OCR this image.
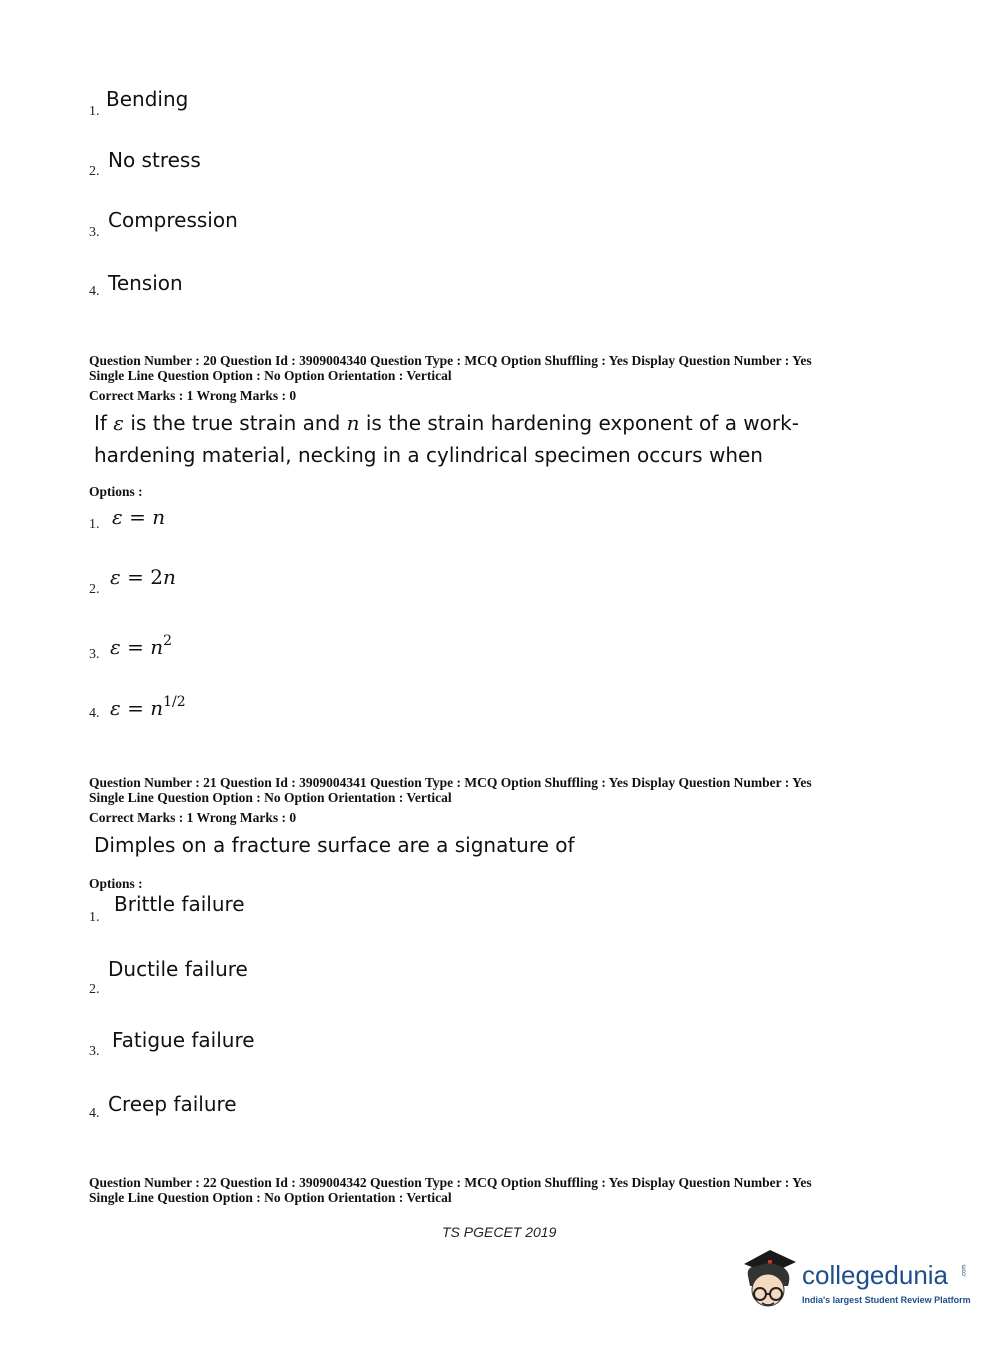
1.
Bending
2. No stress
3.
Compression
4. Tension
Question Number : 20 Question Id : 3909004340 Question Type : MCQ Option Shuffling : Yes Display Question Number : Yes
Single Line Question Option : No Option Orientation : Vertical
Correct Marks : 1 Wrong Marks : 0
If ε is the true strain and n is the strain hardening exponent of a work-
hardening material, necking in a cylindrical specimen occurs when
Options :
1. ε = n
2.
ε = 2n
3. $\varepsilon = n^2$
4. $\varepsilon = n^{1/2}$
Question Number : 21 Question Id : 3909004341 Question Type : MCQ Option Shuffling : Yes Display Question Number : Yes
Single Line Question Option : No Option Orientation : Vertical
Correct Marks : 1 Wrong Marks : 0
Dimples on a fracture surface are a signature of
Options :
1.
Brittle failure
2.
Ductile failure
3. Fatigue failure
4. Creep failure
Question Number : 22 Question Id : 3909004342 Question Type : MCQ Option Shuffling : Yes Display Question Number : Yes
Single Line Question Option : No Option Orientation : Vertical
TS PGECET 2019
collegedunia .com
India's largest Student Review Platform
